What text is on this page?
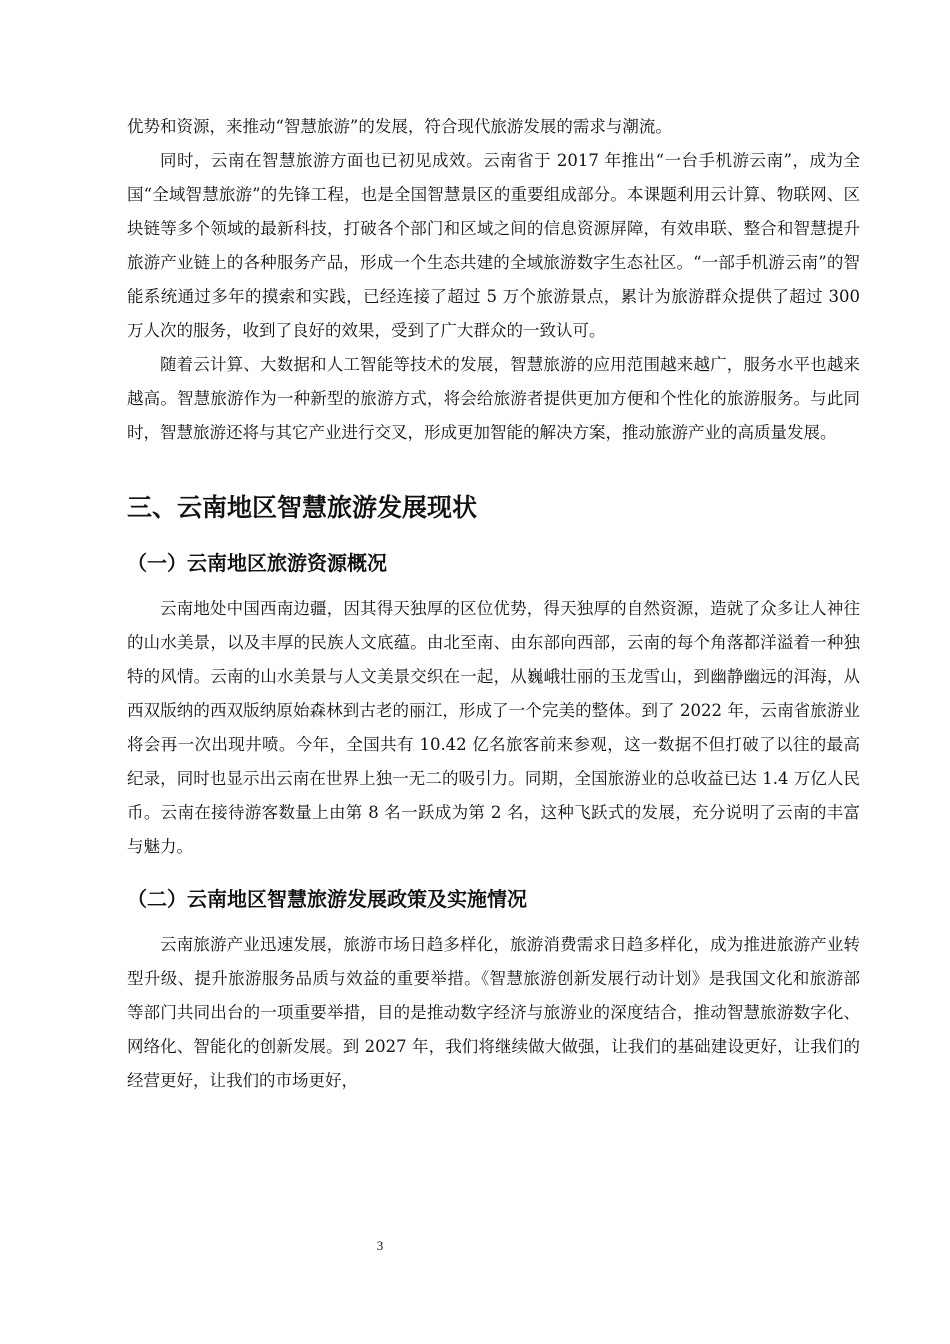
优势和资源，来推动“智慧旅游”的发展，符合现代旅游发展的需求与潮流。

同时，云南在智慧旅游方面也已初见成效。云南省于 2017 年推出“一台手机游云南”，成为全国“全域智慧旅游”的先锋工程，也是全国智慧景区的重要组成部分。本课题利用云计算、物联网、区块链等多个领域的最新科技，打破各个部门和区域之间的信息资源屏障，有效串联、整合和智慧提升旅游产业链上的各种服务产品，形成一个生态共建的全域旅游数字生态社区。“一部手机游云南”的智能系统通过多年的摸索和实践，已经连接了超过 5 万个旅游景点，累计为旅游群众提供了超过 300 万人次的服务，收到了良好的效果，受到了广大群众的一致认可。

随着云计算、大数据和人工智能等技术的发展，智慧旅游的应用范围越来越广，服务水平也越来越高。智慧旅游作为一种新型的旅游方式，将会给旅游者提供更加方便和个性化的旅游服务。与此同时，智慧旅游还将与其它产业进行交叉，形成更加智能的解决方案，推动旅游产业的高质量发展。

三、云南地区智慧旅游发展现状
（一）云南地区旅游资源概况

云南地处中国西南边疆，因其得天独厚的区位优势，得天独厚的自然资源，造就了众多让人神往的山水美景，以及丰厚的民族人文底蕴。由北至南、由东部向西部，云南的每个角落都洋溢着一种独特的风情。云南的山水美景与人文美景交织在一起，从巍峨壮丽的玉龙雪山，到幽静幽远的洱海，从西双版纳的西双版纳原始森林到古老的丽江，形成了一个完美的整体。到了 2022 年，云南省旅游业将会再一次出现井喷。今年，全国共有 10.42 亿名旅客前来参观，这一数据不但打破了以往的最高纪录，同时也显示出云南在世界上独一无二的吸引力。同期，全国旅游业的总收益已达 1.4 万亿人民币。云南在接待游客数量上由第 8 名一跃成为第 2 名，这种飞跃式的发展，充分说明了云南的丰富与魅力。

（二）云南地区智慧旅游发展政策及实施情况

云南旅游产业迅速发展，旅游市场日趋多样化，旅游消费需求日趋多样化，成为推进旅游产业转型升级、提升旅游服务品质与效益的重要举措。《智慧旅游创新发展行动计划》是我国文化和旅游部等部门共同出台的一项重要举措，目的是推动数字经济与旅游业的深度结合，推动智慧旅游数字化、网络化、智能化的创新发展。到 2027 年，我们将继续做大做强，让我们的基础建设更好，让我们的经营更好，让我们的市场更好，

3
